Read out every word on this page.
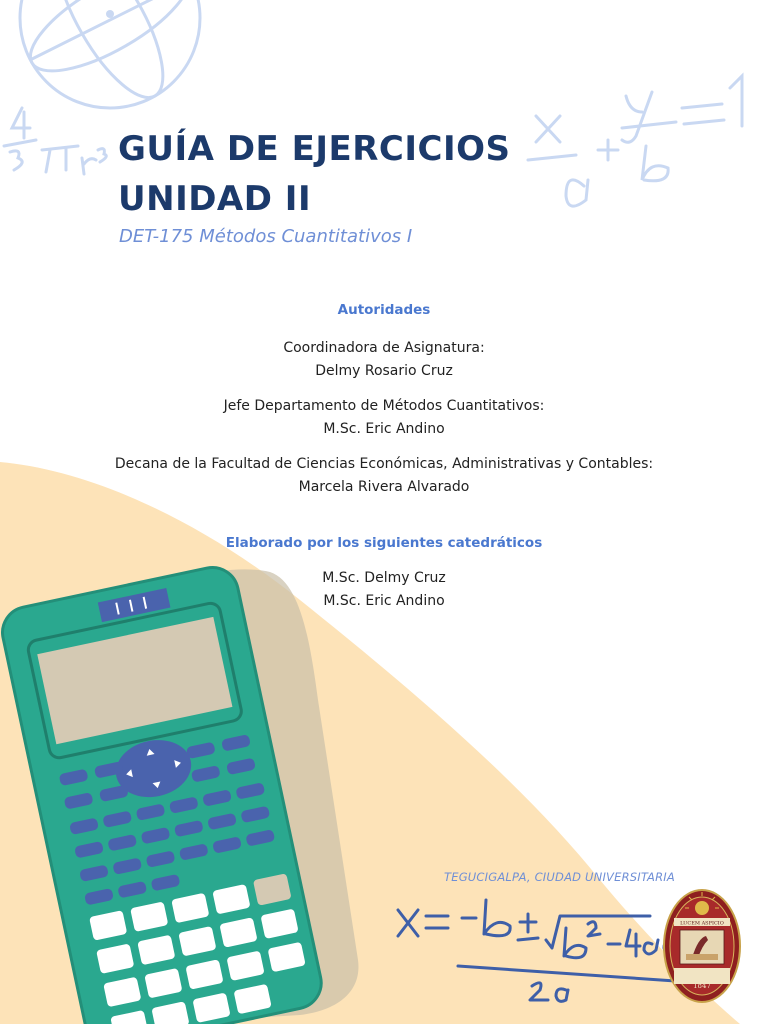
GUÍA DE EJERCICIOS
UNIDAD II
DET-175 Métodos Cuantitativos I
Autoridades
Coordinadora de Asignatura:
Delmy Rosario Cruz
Jefe Departamento de Métodos Cuantitativos:
M.Sc. Eric Andino
Decana de la Facultad de Ciencias Económicas, Administrativas y Contables:
Marcela Rivera Alvarado
Elaborado por los siguientes catedráticos
M.Sc. Delmy Cruz
M.Sc. Eric Andino
TEGUCIGALPA, CIUDAD UNIVERSITARIA
LUCEM ASPICIO
1847
